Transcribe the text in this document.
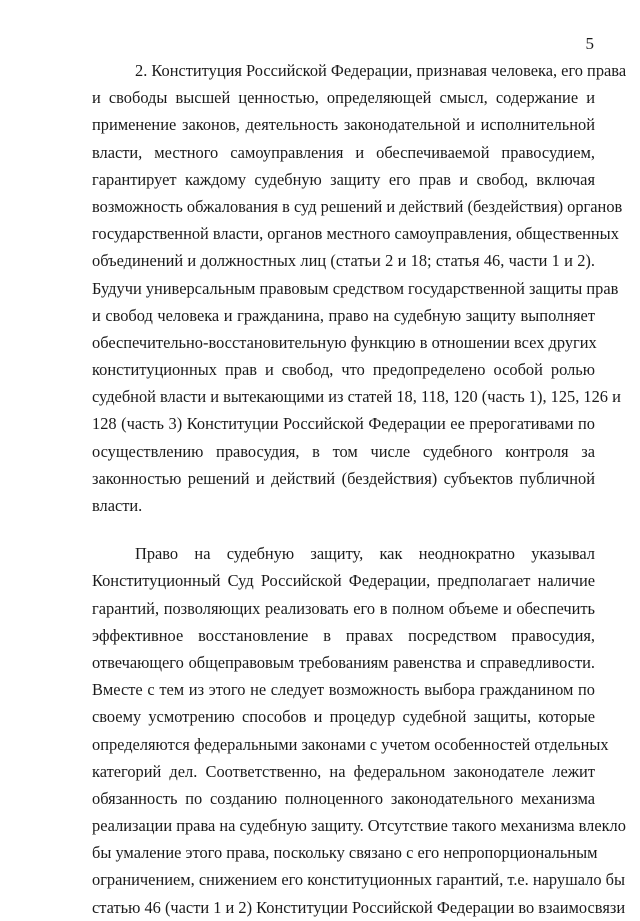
5

2. Конституция Российской Федерации, признавая человека, его права
и свободы высшей ценностью, определяющей смысл, содержание и
применение законов, деятельность законодательной и исполнительной
власти, местного самоуправления и обеспечиваемой правосудием,
гарантирует каждому судебную защиту его прав и свобод, включая
возможность обжалования в суд решений и действий (бездействия) органов
государственной власти, органов местного самоуправления, общественных
объединений и должностных лиц (статьи 2 и 18; статья 46, части 1 и 2).
Будучи универсальным правовым средством государственной защиты прав
и свобод человека и гражданина, право на судебную защиту выполняет
обеспечительно-восстановительную функцию в отношении всех других
конституционных прав и свобод, что предопределено особой ролью
судебной власти и вытекающими из статей 18, 118, 120 (часть 1), 125, 126 и
128 (часть 3) Конституции Российской Федерации ее прерогативами по
осуществлению правосудия, в том числе судебного контроля за
законностью решений и действий (бездействия) субъектов публичной
власти.

Право на судебную защиту, как неоднократно указывал
Конституционный Суд Российской Федерации, предполагает наличие
гарантий, позволяющих реализовать его в полном объеме и обеспечить
эффективное восстановление в правах посредством правосудия,
отвечающего общеправовым требованиям равенства и справедливости.
Вместе с тем из этого не следует возможность выбора гражданином по
своему усмотрению способов и процедур судебной защиты, которые
определяются федеральными законами с учетом особенностей отдельных
категорий дел. Соответственно, на федеральном законодателе лежит
обязанность по созданию полноценного законодательного механизма
реализации права на судебную защиту. Отсутствие такого механизма влекло
бы умаление этого права, поскольку связано с его непропорциональным
ограничением, снижением его конституционных гарантий, т.е. нарушало бы
статью 46 (части 1 и 2) Конституции Российской Федерации во взаимосвязи
